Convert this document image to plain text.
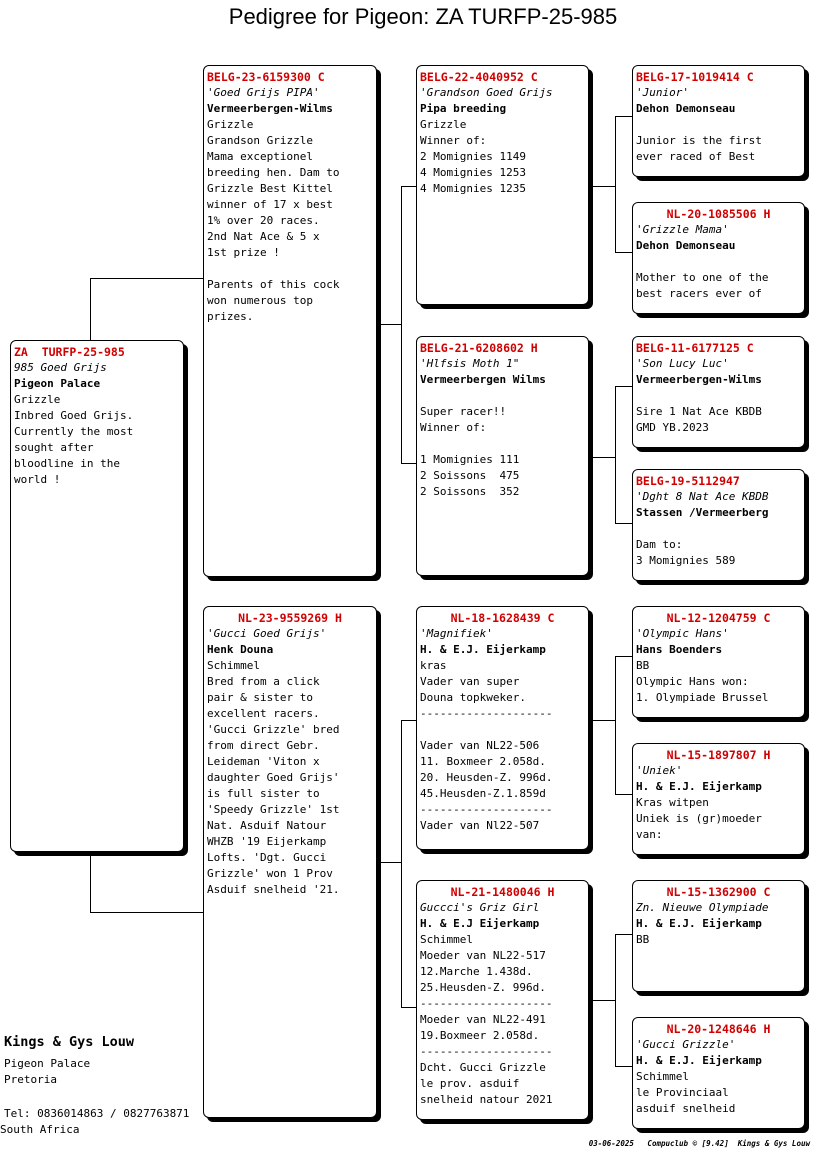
Pedigree for Pigeon: ZA TURFP-25-985
ZA  TURFP-25-985
985 Goed Grijs
Pigeon Palace
Grizzle
Inbred Goed Grijs.
Currently the most
sought after
bloodline in the
world !
BELG-23-6159300 C
'Goed Grijs PIPA'
Vermeerbergen-Wilms
Grizzle
Grandson Grizzle
Mama exceptionel
breeding hen. Dam to
Grizzle Best Kittel
winner of 17 x best
1% over 20 races.
2nd Nat Ace & 5 x
1st prize !
Parents of this cock
won numerous top
prizes.
NL-23-9559269 H
'Gucci Goed Grijs'
Henk Douna
Schimmel
Bred from a click
pair & sister to
excellent racers.
'Gucci Grizzle' bred
from direct Gebr.
Leideman 'Viton x
daughter Goed Grijs'
is full sister to
'Speedy Grizzle' 1st
Nat. Asduif Natour
WHZB '19 Eijerkamp
Lofts. 'Dgt. Gucci
Grizzle' won 1 Prov
Asduif snelheid '21.
BELG-22-4040952 C
'Grandson Goed Grijs
Pipa breeding
Grizzle
Winner of:
2 Momignies 1149
4 Momignies 1253
4 Momignies 1235
BELG-21-6208602 H
'Hlfsis Moth 1"
Vermeerbergen Wilms
Super racer!!
Winner of:
1 Momignies 111
2 Soissons  475
2 Soissons  352
NL-18-1628439 C
'Magnifiek'
H. & E.J. Eijerkamp
kras
Vader van super
Douna topkweker.
--------------------
Vader van NL22-506
11. Boxmeer 2.058d.
20. Heusden-Z. 996d.
45.Heusden-Z.1.859d
--------------------
Vader van Nl22-507
NL-21-1480046 H
Guccci's Griz Girl
H. & E.J Eijerkamp
Schimmel
Moeder van NL22-517
12.Marche 1.438d.
25.Heusden-Z. 996d.
--------------------
Moeder van NL22-491
19.Boxmeer 2.058d.
--------------------
Dcht. Gucci Grizzle
le prov. asduif
snelheid natour 2021
BELG-17-1019414 C
'Junior'
Dehon Demonseau
Junior is the first
ever raced of Best
NL-20-1085506 H
'Grizzle Mama'
Dehon Demonseau
Mother to one of the
best racers ever of
BELG-11-6177125 C
'Son Lucy Luc'
Vermeerbergen-Wilms
Sire 1 Nat Ace KBDB
GMD YB.2023
BELG-19-5112947
'Dght 8 Nat Ace KBDB
Stassen /Vermeerberg
Dam to:
3 Momignies 589
NL-12-1204759 C
'Olympic Hans'
Hans Boenders
BB
Olympic Hans won:
1. Olympiade Brussel
NL-15-1897807 H
'Uniek'
H. & E.J. Eijerkamp
Kras witpen
Uniek is (gr)moeder
van:
NL-15-1362900 C
Zn. Nieuwe Olympiade
H. & E.J. Eijerkamp
BB
NL-20-1248646 H
'Gucci Grizzle'
H. & E.J. Eijerkamp
Schimmel
le Provinciaal
asduif snelheid
Kings & Gys Louw
Pigeon Palace
Pretoria
Tel: 0836014863 / 0827763871
South Africa
03-06-2025   Compuclub © [9.42]  Kings & Gys Louw
